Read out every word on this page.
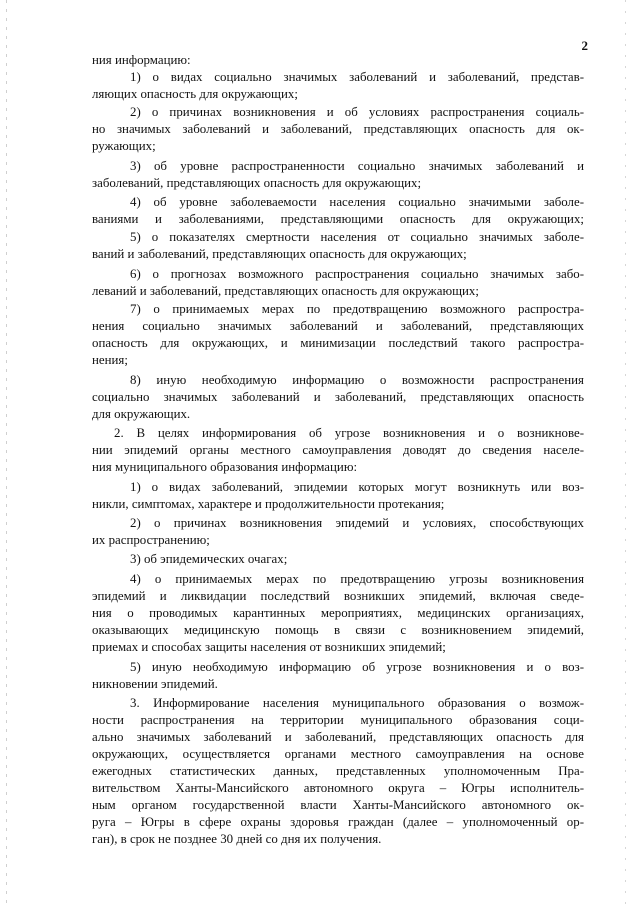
2
ния информацию:
1) о видах социально значимых заболеваний и заболеваний, представ-
ляющих опасность для окружающих;
2) о причинах возникновения и об условиях распространения социаль-
но значимых заболеваний и заболеваний, представляющих опасность для ок-
ружающих;
3) об уровне распространенности социально значимых заболеваний и
заболеваний, представляющих опасность для окружающих;
4) об уровне заболеваемости населения социально значимыми заболе-
ваниями и заболеваниями, представляющими опасность для окружающих;
5) о показателях смертности населения от социально значимых заболе-
ваний и заболеваний, представляющих опасность для окружающих;
6) о прогнозах возможного распространения социально значимых забо-
леваний и заболеваний, представляющих опасность для окружающих;
7) о принимаемых мерах по предотвращению возможного распростра-
нения социально значимых заболеваний и заболеваний, представляющих
опасность для окружающих, и минимизации последствий такого распростра-
нения;
8) иную необходимую информацию о возможности распространения
социально значимых заболеваний и заболеваний, представляющих опасность
для окружающих.
2. В целях информирования об угрозе возникновения и о возникнове-
нии эпидемий органы местного самоуправления доводят до сведения населе-
ния муниципального образования информацию:
1) о видах заболеваний, эпидемии которых могут возникнуть или воз-
никли, симптомах, характере и продолжительности протекания;
2) о причинах возникновения эпидемий и условиях, способствующих
их распространению;
3) об эпидемических очагах;
4) о принимаемых мерах по предотвращению угрозы возникновения
эпидемий и ликвидации последствий возникших эпидемий, включая сведе-
ния о проводимых карантинных мероприятиях, медицинских организациях,
оказывающих медицинскую помощь в связи с возникновением эпидемий,
приемах и способах защиты населения от возникших эпидемий;
5) иную необходимую информацию об угрозе возникновения и о воз-
никновении эпидемий.
3. Информирование населения муниципального образования о возмож-
ности распространения на территории муниципального образования соци-
ально значимых заболеваний и заболеваний, представляющих опасность для
окружающих, осуществляется органами местного самоуправления на основе
ежегодных статистических данных, представленных уполномоченным Пра-
вительством Ханты-Мансийского автономного округа – Югры исполнитель-
ным органом государственной власти Ханты-Мансийского автономного ок-
руга – Югры в сфере охраны здоровья граждан (далее – уполномоченный ор-
ган), в срок не позднее 30 дней со дня их получения.
